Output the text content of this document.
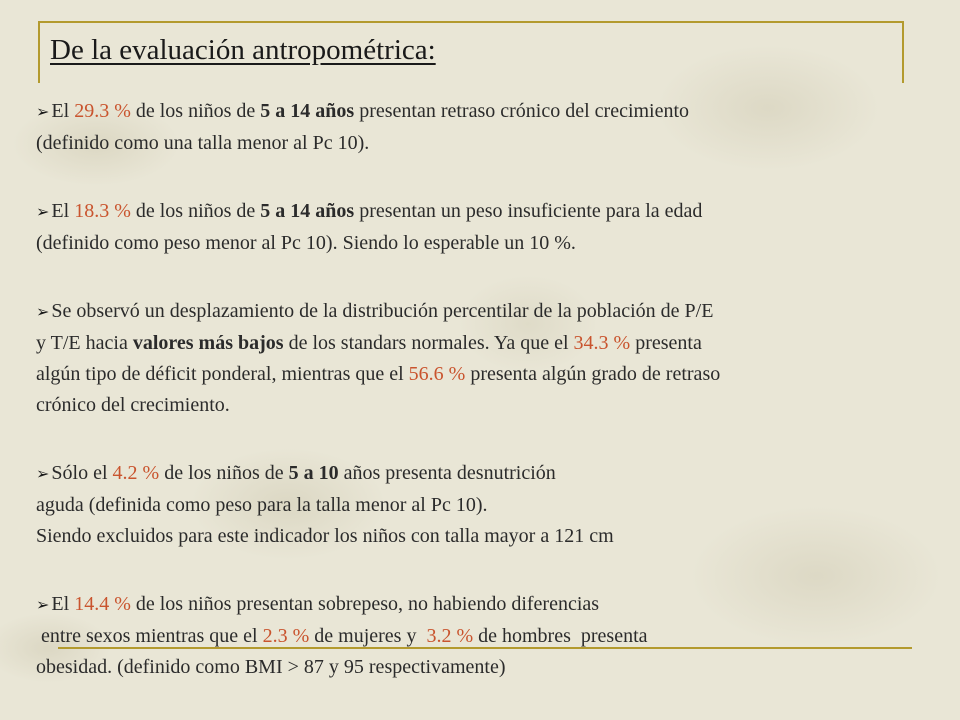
De la evaluación antropométrica:
➢ El 29.3 % de los niños de 5 a 14 años presentan retraso crónico del crecimiento
(definido como una talla menor al Pc 10).
➢ El 18.3 % de los niños de 5 a 14 años presentan un peso insuficiente para la edad
(definido como peso menor al Pc 10). Siendo lo esperable un 10 %.
➢ Se observó un desplazamiento de la distribución percentilar de la población de P/E
y T/E hacia valores más bajos de los standars normales. Ya que el 34.3 % presenta
algún tipo de déficit ponderal, mientras que el 56.6 % presenta algún grado de retraso
crónico del crecimiento.
➢ Sólo el 4.2 % de los niños de 5 a 10 años presenta desnutrición
aguda (definida como peso para la talla menor al Pc 10).
Siendo excluidos para este indicador los niños con talla mayor a 121 cm
➢ El 14.4 % de los niños presentan sobrepeso, no habiendo diferencias
entre sexos mientras que el 2.3 % de mujeres y  3.2 % de hombres  presenta
obesidad. (definido como BMI > 87 y 95 respectivamente)
